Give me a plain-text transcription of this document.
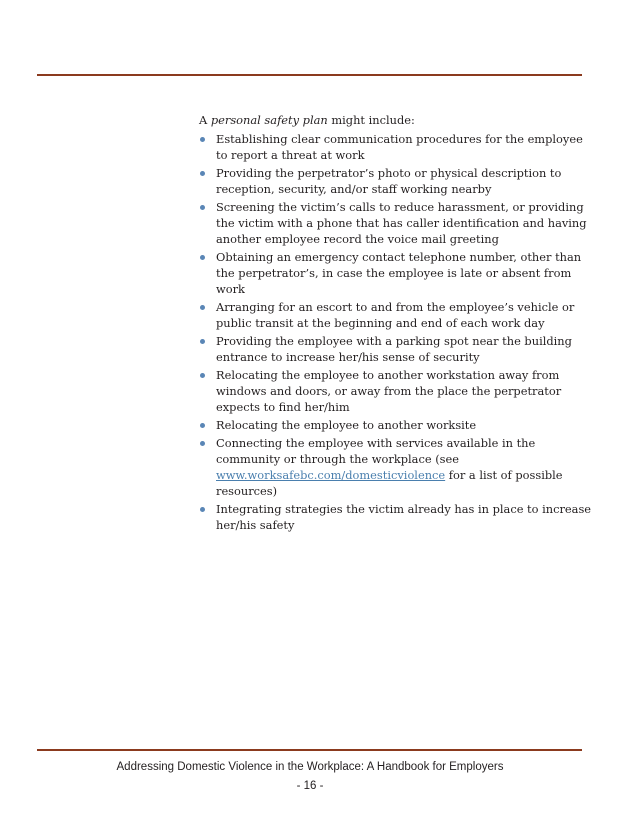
A personal safety plan might include:

Establishing clear communication procedures for the employee to report a threat at work
Providing the perpetrator’s photo or physical description to reception, security, and/or staff working nearby
Screening the victim’s calls to reduce harassment, or providing the victim with a phone that has caller identification and having another employee record the voice mail greeting
Obtaining an emergency contact telephone number, other than the perpetrator’s, in case the employee is late or absent from work
Arranging for an escort to and from the employee’s vehicle or public transit at the beginning and end of each work day
Providing the employee with a parking spot near the building entrance to increase her/his sense of security
Relocating the employee to another workstation away from windows and doors, or away from the place the perpetrator expects to find her/him
Relocating the employee to another worksite
Connecting the employee with services available in the community or through the workplace (see www.worksafebc.com/domesticviolence for a list of possible resources)
Integrating strategies the victim already has in place to increase her/his safety
Addressing Domestic Violence in the Workplace: A Handbook for Employers
- 16 -
